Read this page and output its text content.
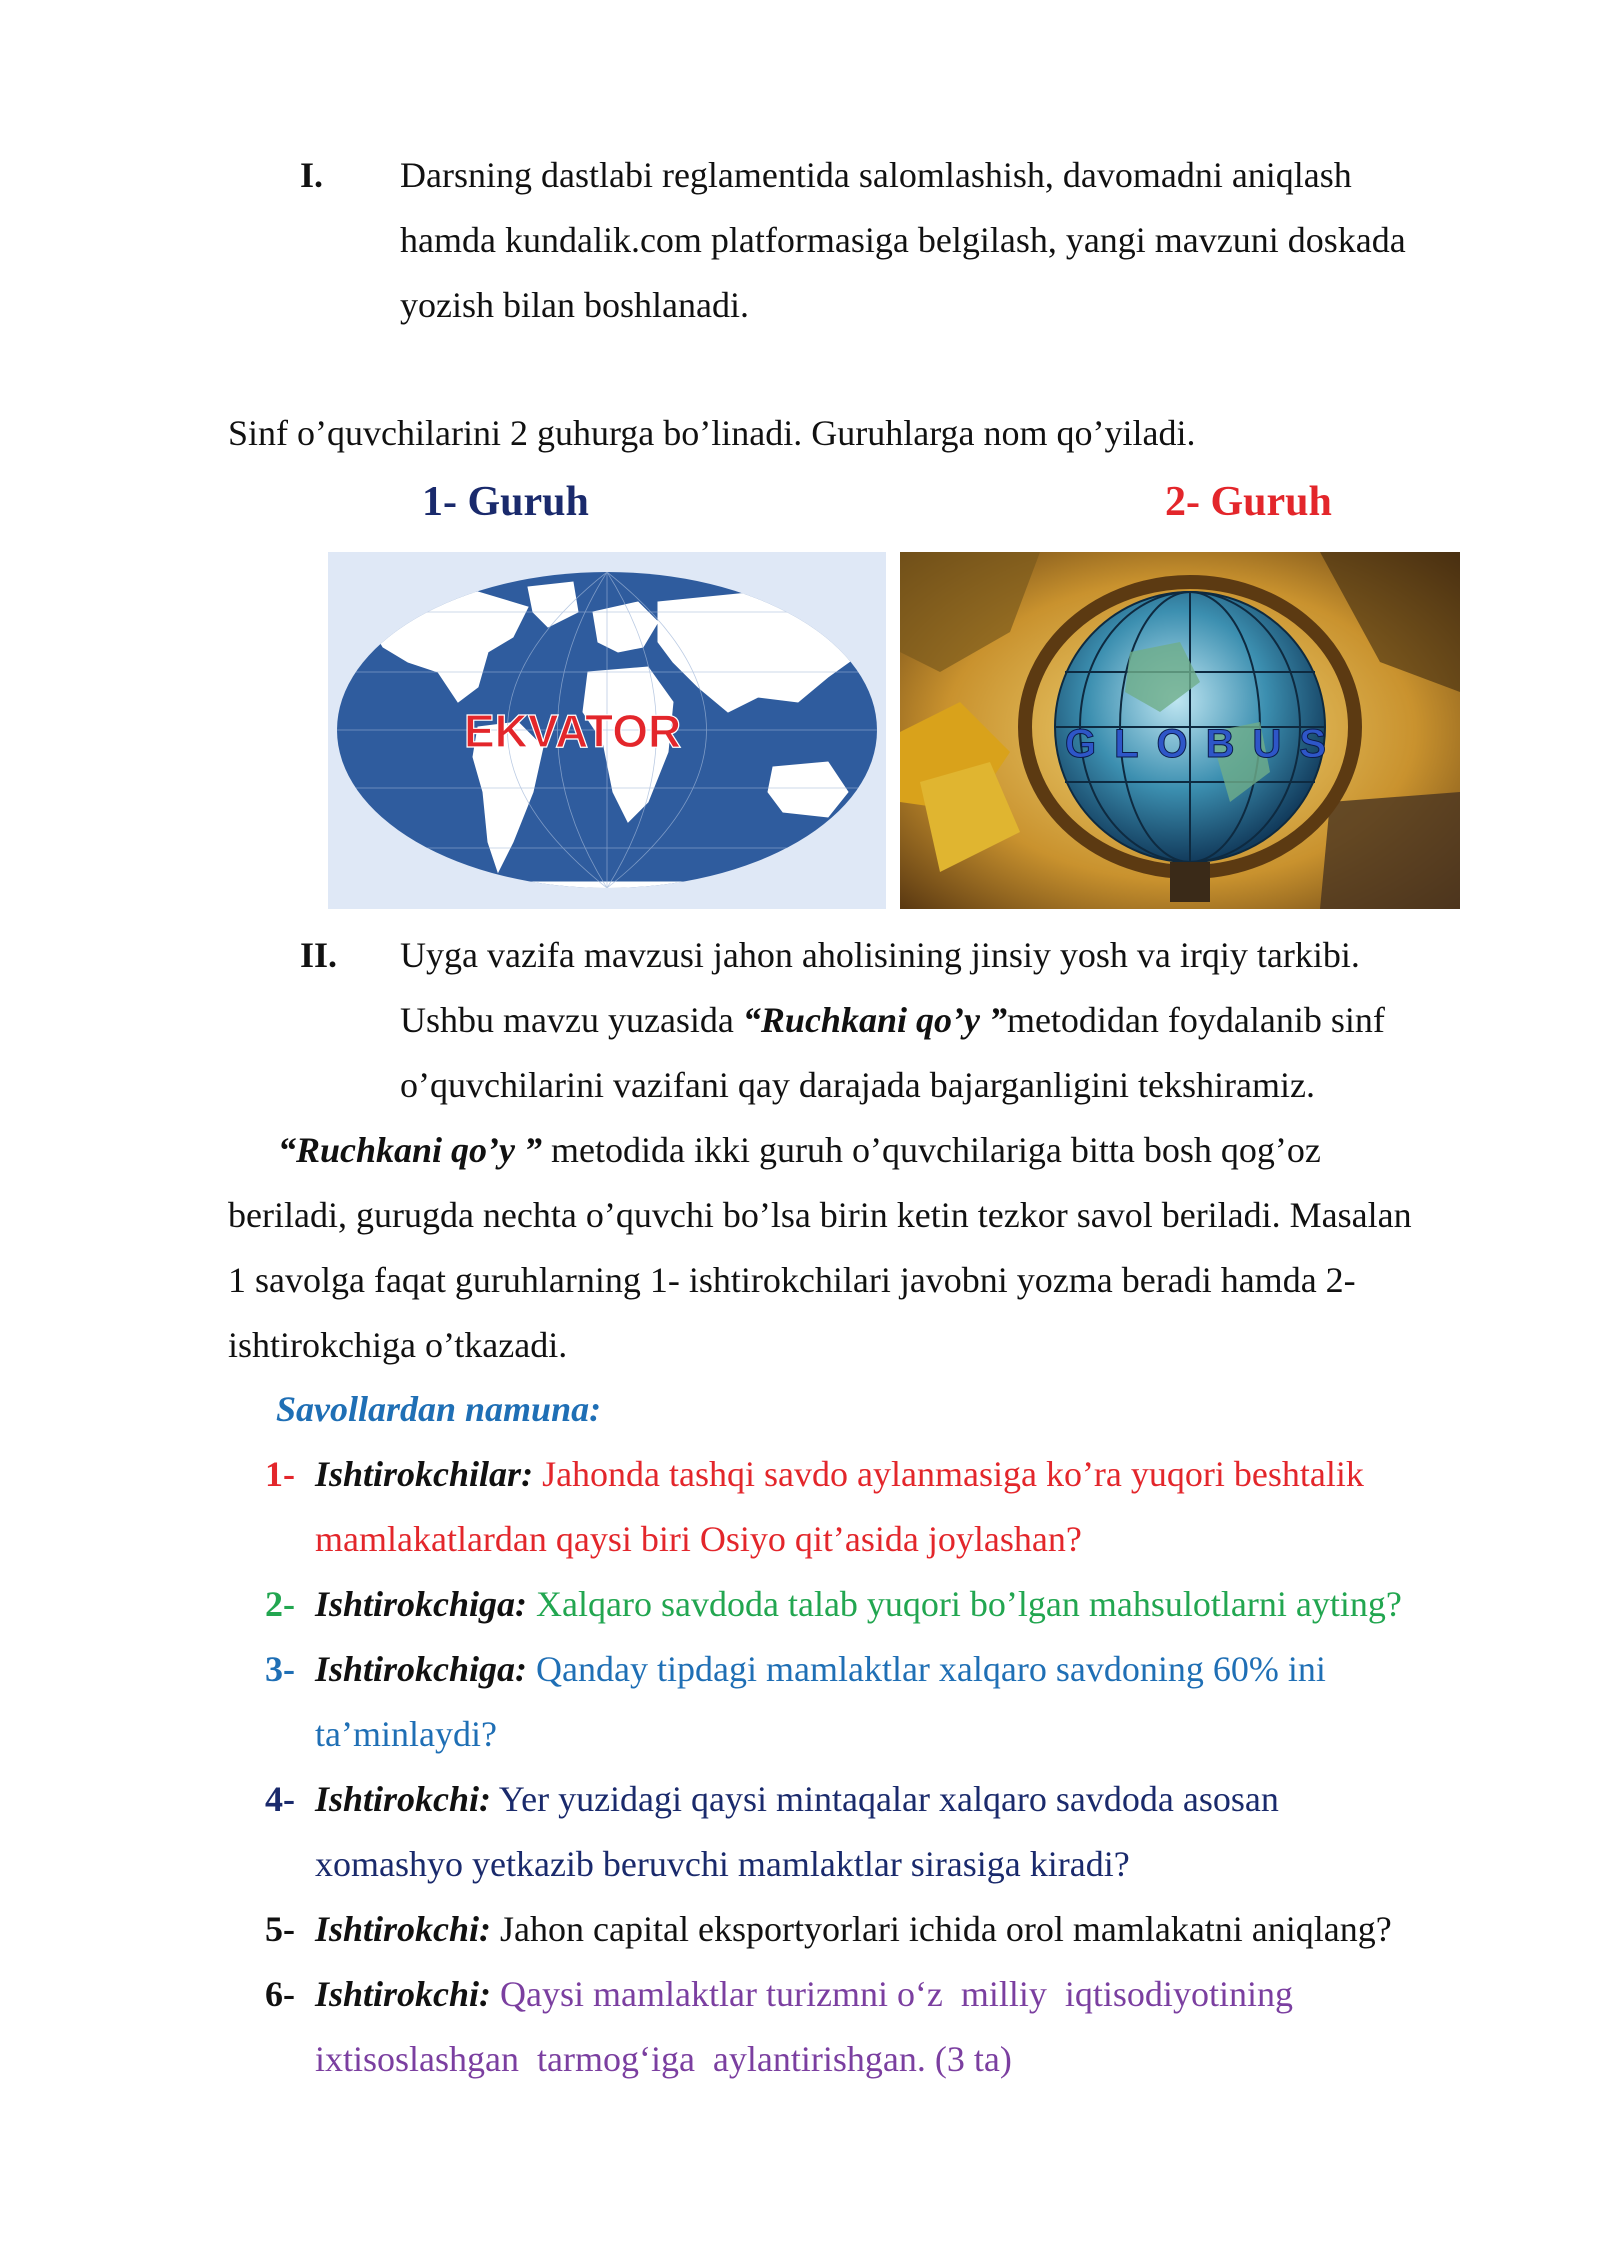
I. Darsning dastlabi reglamentida salomlashish, davomadni aniqlash
hamda kundalik.com platformasiga belgilash, yangi mavzuni doskada
yozish bilan boshlanadi.
Sinf o’quvchilarini 2 guhurga bo’linadi. Guruhlarga nom qo’yiladi.
1- Guruh	2- Guruh
EKVATOR	GLOBUS
II. Uyga vazifa mavzusi jahon aholisining jinsiy yosh va irqiy tarkibi.
Ushbu mavzu yuzasida “Ruchkani qo’y ”metodidan foydalanib sinf
o’quvchilarini vazifani qay darajada bajarganligini tekshiramiz.
“Ruchkani qo’y ” metodida ikki guruh o’quvchilariga bitta bosh qog’oz
beriladi, gurugda nechta o’quvchi bo’lsa birin ketin tezkor savol beriladi. Masalan
1 savolga faqat guruhlarning 1- ishtirokchilari javobni yozma beradi hamda 2-
ishtirokchiga o’tkazadi.
Savollardan namuna:
1- Ishtirokchilar: Jahonda tashqi savdo aylanmasiga ko’ra yuqori beshtalik
mamlakatlardan qaysi biri Osiyo qit’asida joylashan?
2- Ishtirokchiga: Xalqaro savdoda talab yuqori bo’lgan mahsulotlarni ayting?
3- Ishtirokchiga: Qanday tipdagi mamlaktlar xalqaro savdoning 60% ini
ta’minlaydi?
4- Ishtirokchi: Yer yuzidagi qaysi mintaqalar xalqaro savdoda asosan
xomashyo yetkazib beruvchi mamlaktlar sirasiga kiradi?
5- Ishtirokchi: Jahon capital eksportyorlari ichida orol mamlakatni aniqlang?
6- Ishtirokchi: Qaysi mamlaktlar turizmni o‘z  milliy  iqtisodiyotining
ixtisoslashgan  tarmog‘iga  aylantirishgan. (3 ta)
